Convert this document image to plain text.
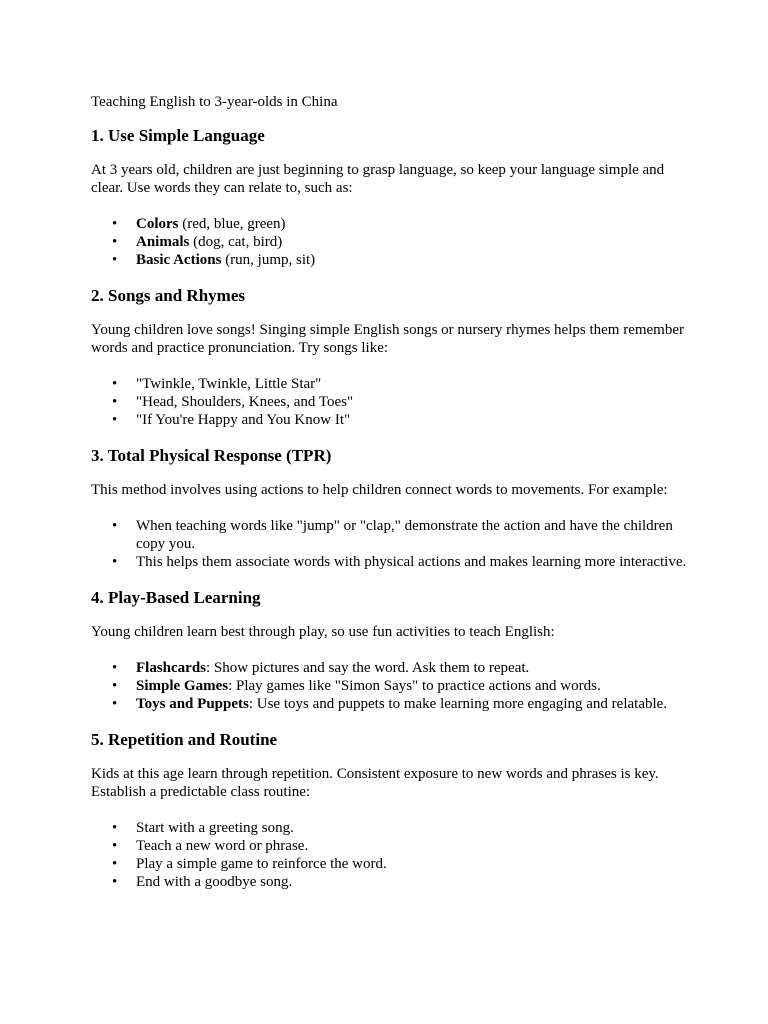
Teaching English to 3-year-olds in China
1. Use Simple Language

At 3 years old, children are just beginning to grasp language, so keep your language simple and clear. Use words they can relate to, such as:

• Colors (red, blue, green)
• Animals (dog, cat, bird)
• Basic Actions (run, jump, sit)
2. Songs and Rhymes

Young children love songs! Singing simple English songs or nursery rhymes helps them remember words and practice pronunciation. Try songs like:

• "Twinkle, Twinkle, Little Star"
• "Head, Shoulders, Knees, and Toes"
• "If You're Happy and You Know It"
3. Total Physical Response (TPR)

This method involves using actions to help children connect words to movements. For example:

• When teaching words like "jump" or "clap," demonstrate the action and have the children copy you.
• This helps them associate words with physical actions and makes learning more interactive.
4. Play-Based Learning

Young children learn best through play, so use fun activities to teach English:

• Flashcards: Show pictures and say the word. Ask them to repeat.
• Simple Games: Play games like "Simon Says" to practice actions and words.
• Toys and Puppets: Use toys and puppets to make learning more engaging and relatable.
5. Repetition and Routine

Kids at this age learn through repetition. Consistent exposure to new words and phrases is key. Establish a predictable class routine:

• Start with a greeting song.
• Teach a new word or phrase.
• Play a simple game to reinforce the word.
• End with a goodbye song.
